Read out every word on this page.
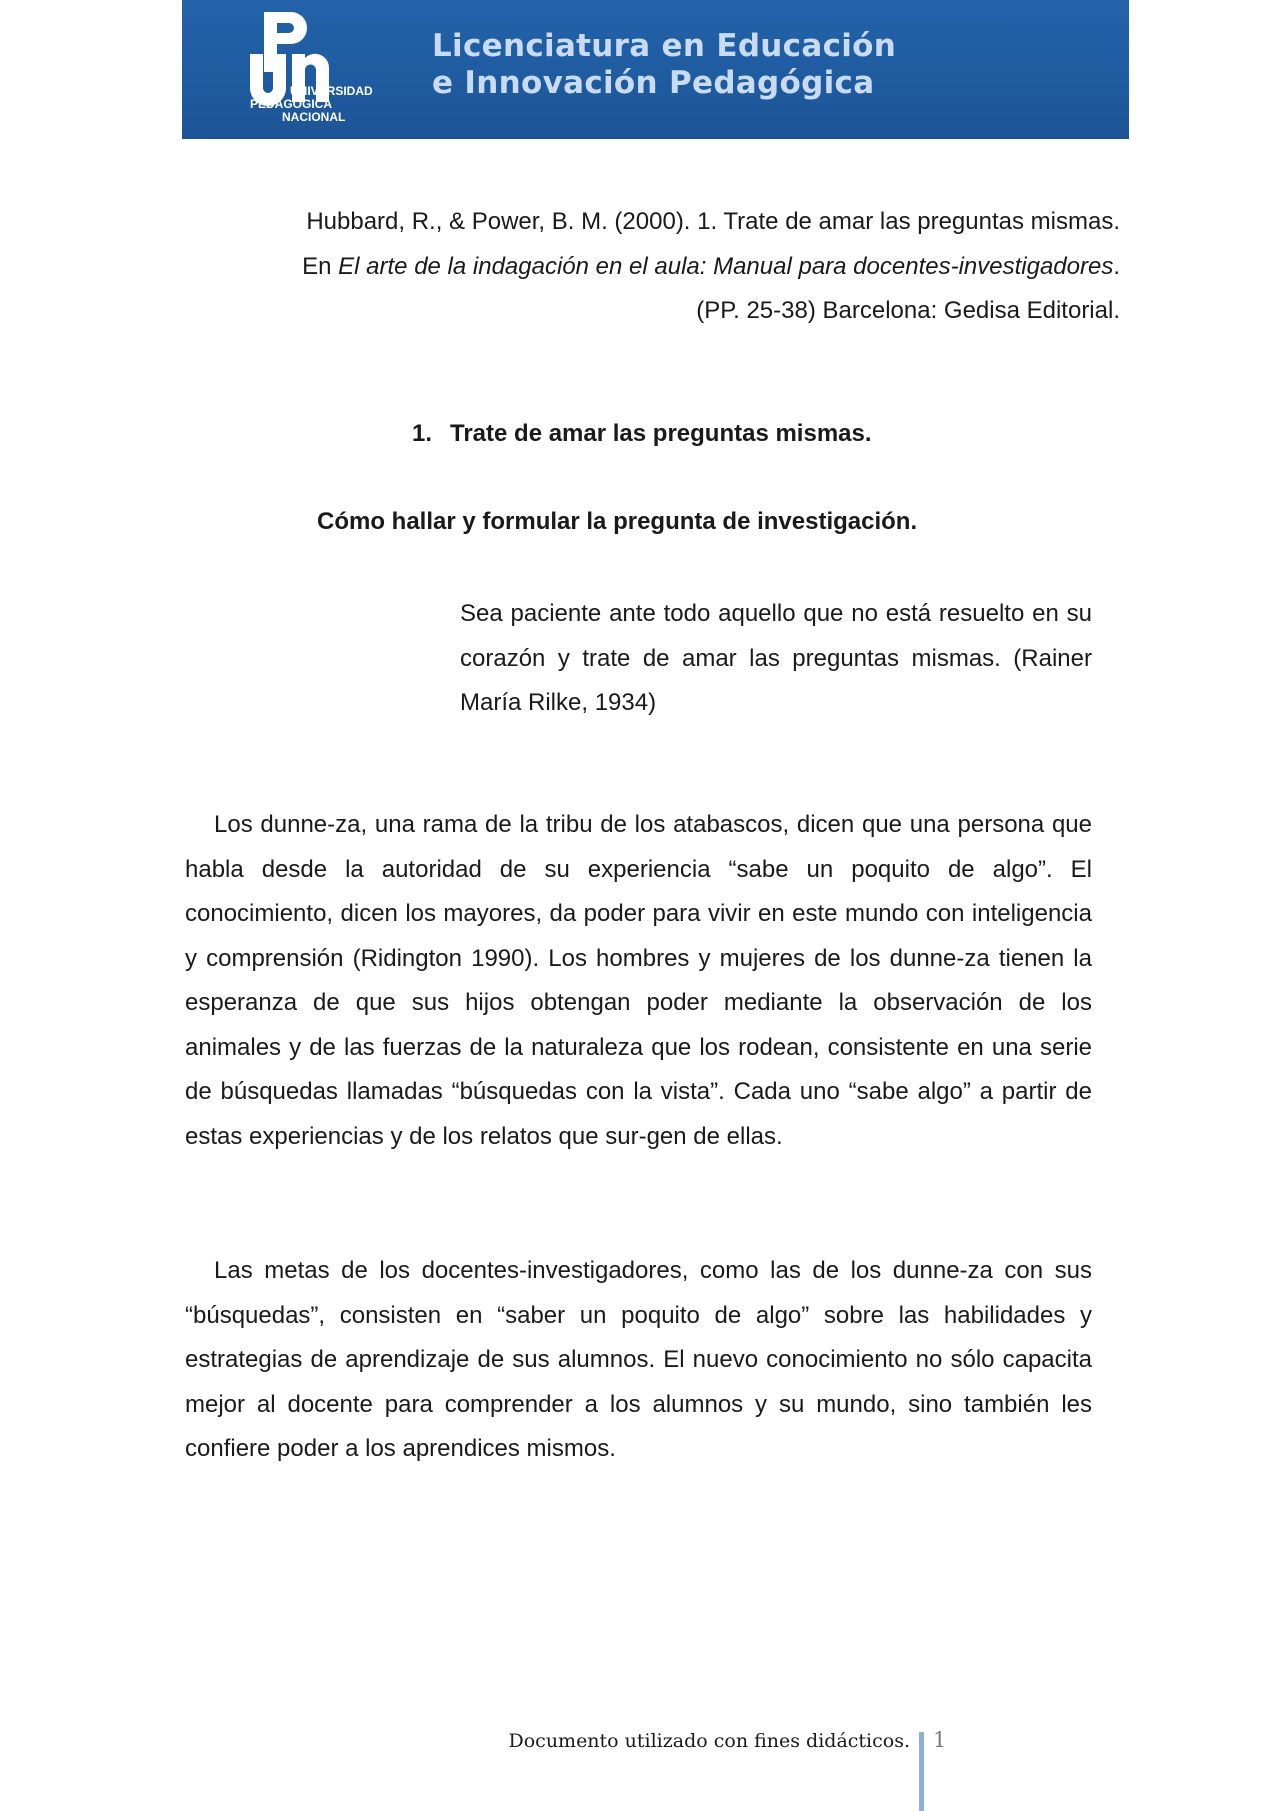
UNIVERSIDAD
PEDAGÓGICA
NACIONAL
Licenciatura en Educación
e Innovación Pedagógica
Hubbard, R., & Power, B. M. (2000). 1. Trate de amar las preguntas mismas. En El arte de la indagación en el aula: Manual para docentes-investigadores. (PP. 25-38) Barcelona: Gedisa Editorial.
1. Trate de amar las preguntas mismas.
Cómo hallar y formular la pregunta de investigación.
Sea paciente ante todo aquello que no está resuelto en su corazón y trate de amar las preguntas mismas. (Rainer María Rilke, 1934)
Los dunne-za, una rama de la tribu de los atabascos, dicen que una persona que habla desde la autoridad de su experiencia “sabe un poquito de algo”. El conocimiento, dicen los mayores, da poder para vivir en este mundo con inteligencia y comprensión (Ridington 1990). Los hombres y mujeres de los dunne-za tienen la esperanza de que sus hijos obtengan poder mediante la observación de los animales y de las fuerzas de la naturaleza que los rodean, consistente en una serie de búsquedas llamadas “búsquedas con la vista”. Cada uno “sabe algo” a partir de estas experiencias y de los relatos que sur-gen de ellas.
Las metas de los docentes-investigadores, como las de los dunne-za con sus “búsquedas”, consisten en “saber un poquito de algo” sobre las habilidades y estrategias de aprendizaje de sus alumnos. El nuevo conocimiento no sólo capacita mejor al docente para comprender a los alumnos y su mundo, sino también les confiere poder a los aprendices mismos.
Documento utilizado con fines didácticos. 1
